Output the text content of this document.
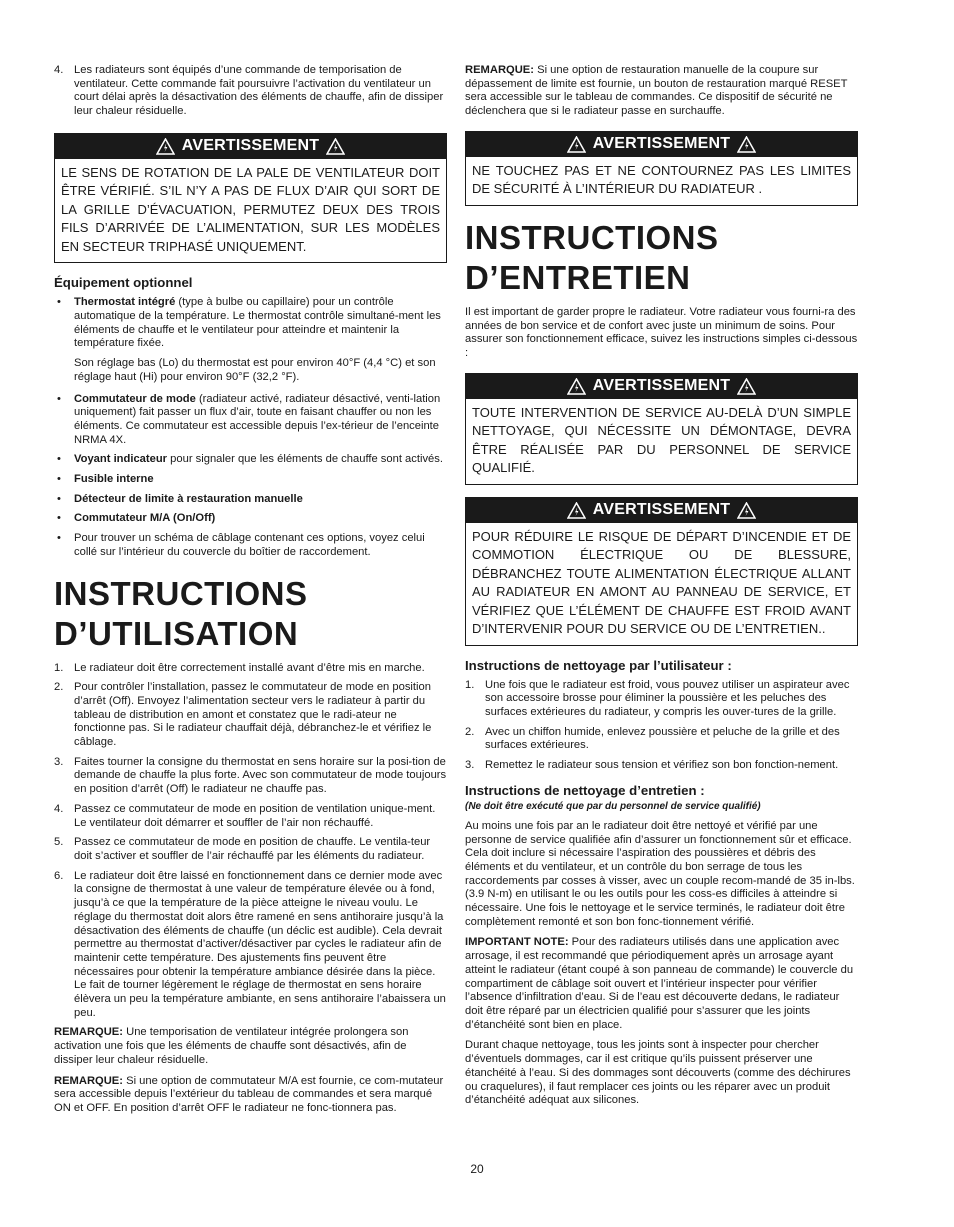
4. Les radiateurs sont équipés d’une commande de temporisation de ventilateur. Cette commande fait poursuivre l’activation du ventilateur un court délai après la désactivation des éléments de chauffe, afin de dissiper leur chaleur résiduelle.
AVERTISSEMENT
LE SENS DE ROTATION DE LA PALE DE VENTILATEUR DOIT ÊTRE VÉRIFIÉ. S’IL N’Y A PAS DE FLUX D’AIR QUI SORT DE LA GRILLE D’ÉVACUATION, PERMUTEZ DEUX DES TROIS FILS D’ARRIVÉE DE L’ALIMENTATION, SUR LES MODÈLES EN SECTEUR TRIPHASÉ UNIQUEMENT.
Équipement optionnel
•	Thermostat intégré (type à bulbe ou capillaire) pour un contrôle automatique de la température. Le thermostat contrôle simultané-ment les éléments de chauffe et le ventilateur pour atteindre et maintenir la température fixée.
Son réglage bas (Lo) du thermostat est pour environ 40°F (4,4 °C) et son réglage haut (Hi) pour environ 90°F (32,2 °F).
•	Commutateur de mode (radiateur activé, radiateur désactivé, venti-lation uniquement) fait passer un flux d’air, toute en faisant chauffer ou non les éléments. Ce commutateur est accessible depuis l’ex-térieur de l’enceinte NRMA 4X.
•	Voyant indicateur pour signaler que les éléments de chauffe sont activés.
•	Fusible interne
•	Détecteur de limite à restauration manuelle
•	Commutateur M/A (On/Off)
•	Pour trouver un schéma de câblage contenant ces options, voyez celui collé sur l’intérieur du couvercle du boîtier de raccordement.
INSTRUCTIONS
D’UTILISATION
1. Le radiateur doit être correctement installé avant d’être mis en marche.
2. Pour contrôler l’installation, passez le commutateur de mode en position d’arrêt (Off). Envoyez l’alimentation secteur vers le radiateur à partir du tableau de distribution en amont et constatez que le radi-ateur ne fonctionne pas. Si le radiateur chauffait déjà, débranchez-le et vérifiez le câblage.
3. Faites tourner la consigne du thermostat en sens horaire sur la posi-tion de demande de chauffe la plus forte. Avec son commutateur de mode toujours en position d’arrêt (Off) le radiateur ne chauffe pas.
4. Passez ce commutateur de mode en position de ventilation unique-ment. Le ventilateur doit démarrer et souffler de l’air non réchauffé.
5. Passez ce commutateur de mode en position de chauffe. Le ventila-teur doit s’activer et souffler de l’air réchauffé par les éléments du radiateur.
6. Le radiateur doit être laissé en fonctionnement dans ce dernier mode avec la consigne de thermostat à une valeur de température élevée ou à fond, jusqu’à ce que la température de la pièce atteigne le niveau voulu. Le réglage du thermostat doit alors être ramené en sens antihoraire jusqu’à la désactivation des éléments de chauffe (un déclic est audible). Cela devrait permettre au thermostat d’activer/désactiver par cycles le radiateur afin de maintenir cette température. Des ajustements fins peuvent être nécessaires pour obtenir la température ambiance désirée dans la pièce. Le fait de tourner légèrement le réglage de thermostat en sens horaire élèvera un peu la température ambiante, en sens antihoraire l’abaissera un peu.
REMARQUE: Une temporisation de ventilateur intégrée prolongera son activation une fois que les éléments de chauffe sont désactivés, afin de dissiper leur chaleur résiduelle.
REMARQUE: Si une option de commutateur M/A est fournie, ce com-mutateur sera accessible depuis l’extérieur du tableau de commandes et sera marqué ON et OFF. En position d’arrêt OFF le radiateur ne fonc-tionnera pas.
REMARQUE: Si une option de restauration manuelle de la coupure sur dépassement de limite est fournie, un bouton de restauration marqué RESET sera accessible sur le tableau de commandes. Ce dispositif de sécurité ne déclenchera que si le radiateur passe en surchauffe.
AVERTISSEMENT
NE TOUCHEZ PAS ET NE CONTOURNEZ PAS LES LIMITES DE SÉCURITÉ À L’INTÉRIEUR DU RADIATEUR .
INSTRUCTIONS
D’ENTRETIEN
Il est important de garder propre le radiateur. Votre radiateur vous fourni-ra des années de bon service et de confort avec juste un minimum de soins. Pour assurer son fonctionnement efficace, suivez les instructions simples ci-dessous :
AVERTISSEMENT
TOUTE INTERVENTION DE SERVICE AU-DELÀ D’UN SIMPLE NETTOYAGE, QUI NÉCESSITE UN DÉMONTAGE, DEVRA ÊTRE RÉALISÉE PAR DU PERSONNEL DE SERVICE QUALIFIÉ.
AVERTISSEMENT
POUR RÉDUIRE LE RISQUE DE DÉPART D’INCENDIE ET DE COMMOTION ÉLECTRIQUE OU DE BLESSURE, DÉBRANCHEZ TOUTE ALIMENTATION ÉLECTRIQUE ALLANT AU RADIATEUR EN AMONT AU PANNEAU DE SERVICE, ET VÉRIFIEZ QUE L’ÉLÉMENT DE CHAUFFE EST FROID AVANT D’INTERVENIR POUR DU SERVICE OU DE L’ENTRETIEN..
Instructions de nettoyage par l’utilisateur :
1. Une fois que le radiateur est froid, vous pouvez utiliser un aspirateur avec son accessoire brosse pour éliminer la poussière et les peluches des surfaces extérieures du radiateur, y compris les ouver-tures de la grille.
2. Avec un chiffon humide, enlevez poussière et peluche de la grille et des surfaces extérieures.
3. Remettez le radiateur sous tension et vérifiez son bon fonction-nement.
Instructions de nettoyage d’entretien :
(Ne doit être exécuté que par du personnel de service qualifié)
Au moins une fois par an le radiateur doit être nettoyé et vérifié par une personne de service qualifiée afin d’assurer un fonctionnement sûr et efficace. Cela doit inclure si nécessaire l’aspiration des poussières et débris des éléments et du ventilateur, et un contrôle du bon serrage de tous les raccordements par cosses à visser, avec un couple recom-mandé de 35 in-lbs. (3.9 N-m) en utilisant le ou les outils pour les coss-es difficiles à atteindre si nécessaire. Une fois le nettoyage et le service terminés, le radiateur doit être complètement remonté et son bon fonc-tionnement vérifié.
IMPORTANT NOTE: Pour des radiateurs utilisés dans une application avec arrosage, il est recommandé que périodiquement après un arrosage ayant atteint le radiateur (étant coupé à son panneau de commande) le couvercle du compartiment de câblage soit ouvert et l’intérieur inspecter pour vérifier l’absence d’infiltration d’eau. Si de l’eau est découverte dedans, le radiateur doit être réparé par un électricien qualifié pour s’assurer que les joints d’étanchéité sont bien en place.
Durant chaque nettoyage, tous les joints sont à inspecter pour chercher d’éventuels dommages, car il est critique qu’ils puissent préserver une étanchéité à l’eau. Si des dommages sont découverts (comme des déchirures ou craquelures), il faut remplacer ces joints ou les réparer avec un produit d’étanchéité adéquat aux silicones.
20
